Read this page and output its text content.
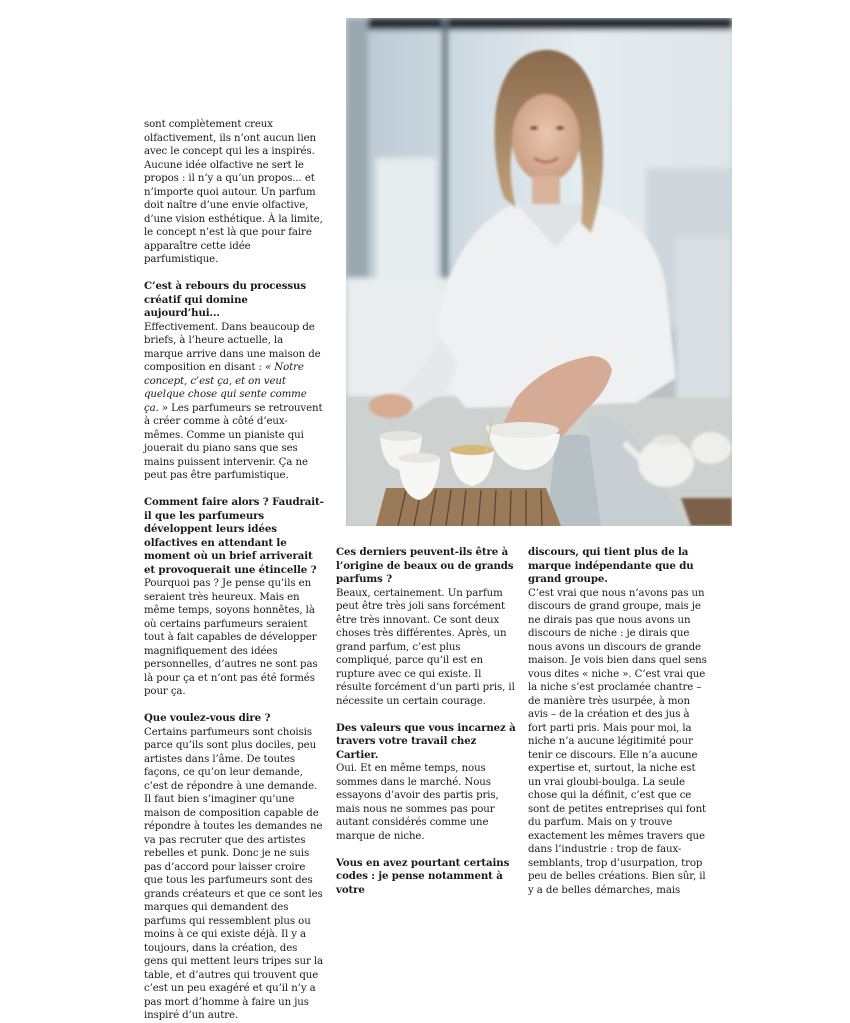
sont complètement creux olfactivement, ils n’ont aucun lien avec le concept qui les a inspirés. Aucune idée olfactive ne sert le propos : il n’y a qu’un propos... et n’importe quoi autour. Un parfum doit naître d’une envie olfactive, d’une vision esthétique. À la limite, le concept n’est là que pour faire apparaître cette idée parfumistique.

C’est à rebours du processus créatif qui domine aujourd’hui...

Effectivement. Dans beaucoup de briefs, à l’heure actuelle, la marque arrive dans une maison de composition en disant : « Notre concept, c’est ça, et on veut quelque chose qui sente comme ça. » Les parfumeurs se retrouvent à créer comme à côté d’eux-mêmes. Comme un pianiste qui jouerait du piano sans que ses mains puissent intervenir. Ça ne peut pas être parfumistique.

Comment faire alors ? Faudrait-il que les parfumeurs développent leurs idées olfactives en attendant le moment où un brief arriverait et provoquerait une étincelle ?

Pourquoi pas ? Je pense qu’ils en seraient très heureux. Mais en même temps, soyons honnêtes, là où certains parfumeurs seraient tout à fait capables de développer magnifiquement des idées personnelles, d’autres ne sont pas là pour ça et n’ont pas été formés pour ça.

Que voulez-vous dire ?

Certains parfumeurs sont choisis parce qu’ils sont plus dociles, peu artistes dans l’âme. De toutes façons, ce qu’on leur demande, c’est de répondre à une demande. Il faut bien s’imaginer qu’une maison de composition capable de répondre à toutes les demandes ne va pas recruter que des artistes rebelles et punk. Donc je ne suis pas d’accord pour laisser croire que tous les parfumeurs sont des grands créateurs et que ce sont les marques qui demandent des parfums qui ressemblent plus ou moins à ce qui existe déjà. Il y a toujours, dans la création, des gens qui mettent leurs tripes sur la table, et d’autres qui trouvent que c’est un peu exagéré et qu’il n’y a pas mort d’homme à faire un jus inspiré d’un autre.

Ces derniers peuvent-ils être à l’origine de beaux ou de grands parfums ?

Beaux, certainement. Un parfum peut être très joli sans forcément être très innovant. Ce sont deux choses très différentes. Après, un grand parfum, c’est plus compliqué, parce qu’il est en rupture avec ce qui existe. Il résulte forcément d’un parti pris, il nécessite un certain courage.

Des valeurs que vous incarnez à travers votre travail chez Cartier.

Oui. Et en même temps, nous sommes dans le marché. Nous essayons d’avoir des partis pris, mais nous ne sommes pas pour autant considérés comme une marque de niche.

Vous en avez pourtant certains codes : je pense notamment à votre

discours, qui tient plus de la marque indépendante que du grand groupe.

C’est vrai que nous n’avons pas un discours de grand groupe, mais je ne dirais pas que nous avons un discours de niche : je dirais que nous avons un discours de grande maison. Je vois bien dans quel sens vous dites « niche ». C’est vrai que la niche s’est proclamée chantre – de manière très usurpée, à mon avis – de la création et des jus à fort parti pris. Mais pour moi, la niche n’a aucune légitimité pour tenir ce discours. Elle n’a aucune expertise et, surtout, la niche est un vrai gloubi-boulga. La seule chose qui la définit, c’est que ce sont de petites entreprises qui font du parfum. Mais on y trouve exactement les mêmes travers que dans l’industrie : trop de faux-semblants, trop d’usurpation, trop peu de belles créations. Bien sûr, il y a de belles démarches, mais
